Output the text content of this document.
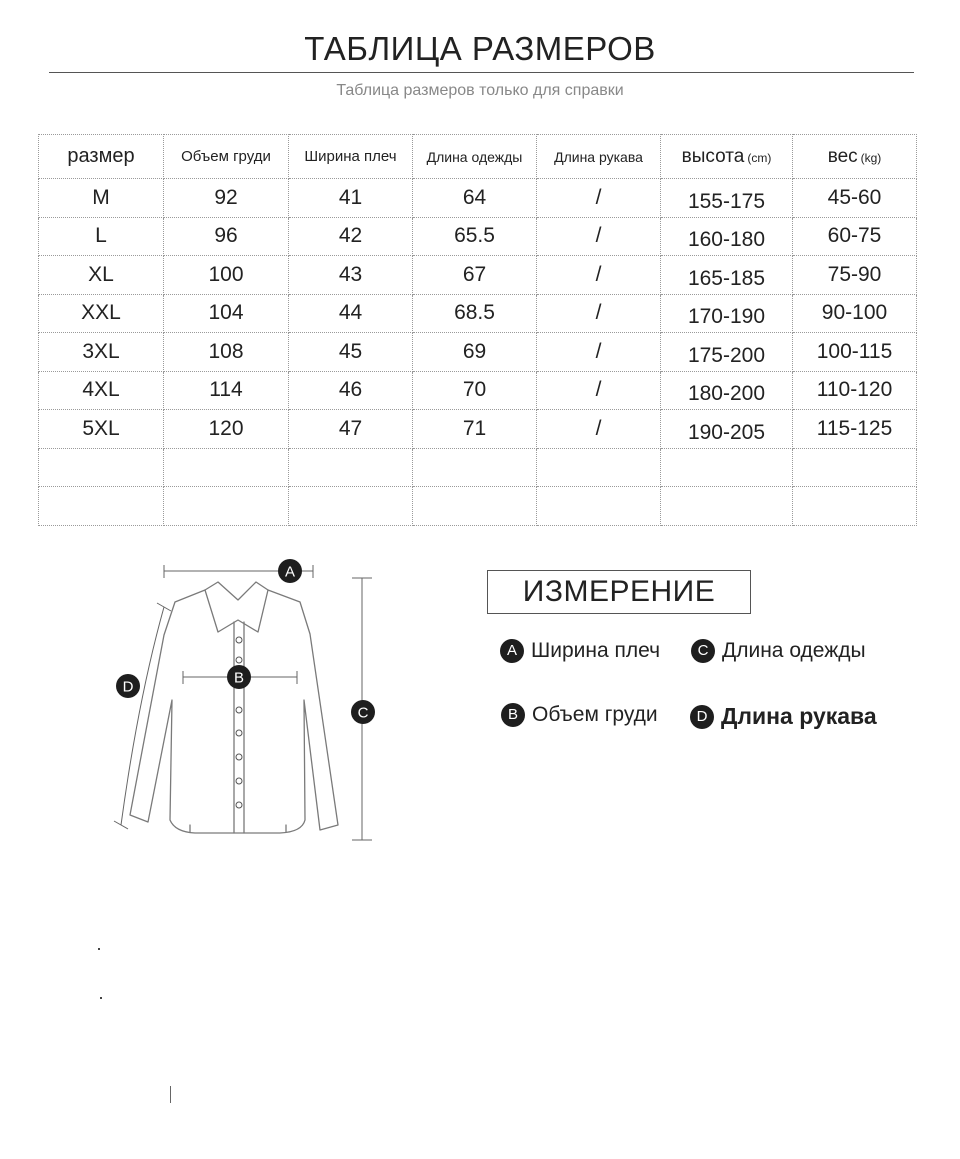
ТАБЛИЦА РАЗМЕРОВ
Таблица размеров только для справки
размер	Объем груди	Ширина плеч	Длина одежды	Длина рукава	высота (cm)	вес (kg)
M	92	41	64	/	155-175	45-60
L	96	42	65.5	/	160-180	60-75
XL	100	43	67	/	165-185	75-90
XXL	104	44	68.5	/	170-190	90-100
3XL	108	45	69	/	175-200	100-115
4XL	114	46	70	/	180-200	110-120
5XL	120	47	71	/	190-205	115-125

A
B
C
D
ИЗМЕРЕНИЕ
A Ширина плеч	C Длина одежды
B Объем груди	D Длина рукава
